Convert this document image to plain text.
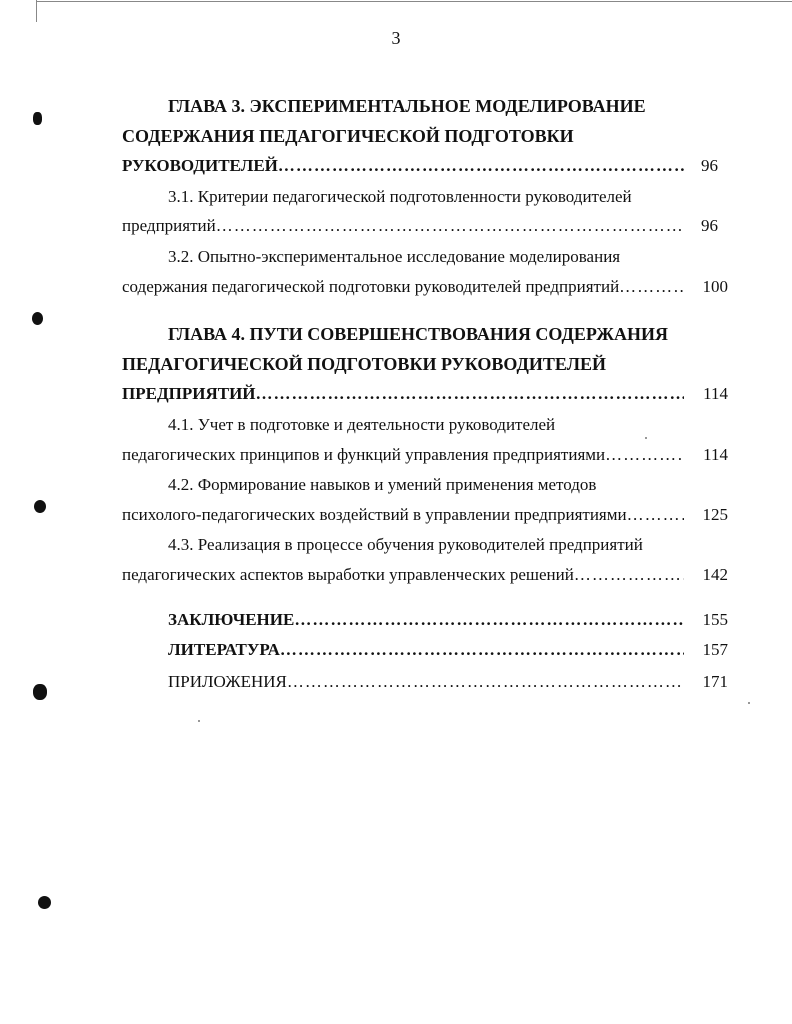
3
ГЛАВА 3. ЭКСПЕРИМЕНТАЛЬНОЕ МОДЕЛИРОВАНИЕ
СОДЕРЖАНИЯ ПЕДАГОГИЧЕСКОЙ ПОДГОТОВКИ
РУКОВОДИТЕЛЕЙ ……………………………………………………………………………………………………………………………………	96
3.1. Критерии педагогической подготовленности руководителей
предприятий ……………………………………………………………………………………………………………………………………	96
3.2. Опытно-экспериментальное исследование моделирования
содержания педагогической подготовки руководителей предприятий ……………………………………………………………………………………………………………………………………	100
ГЛАВА 4. ПУТИ СОВЕРШЕНСТВОВАНИЯ СОДЕРЖАНИЯ
ПЕДАГОГИЧЕСКОЙ ПОДГОТОВКИ РУКОВОДИТЕЛЕЙ
ПРЕДПРИЯТИЙ ……………………………………………………………………………………………………………………………………	114
4.1. Учет в подготовке и деятельности руководителей
педагогических принципов и функций управления предприятиями ……………………………………………………………………………………………………………………………………	114
4.2. Формирование навыков и умений применения методов
психолого-педагогических воздействий в управлении предприятиями ……………………………………………………………………………………………………………………………………	125
4.3. Реализация в процессе обучения руководителей предприятий
педагогических аспектов выработки управленческих решений ……………………………………………………………………………………………………………………………………	142
ЗАКЛЮЧЕНИЕ ……………………………………………………………………………………………………………………………………	155
ЛИТЕРАТУРА ……………………………………………………………………………………………………………………………………	157
ПРИЛОЖЕНИЯ ……………………………………………………………………………………………………………………………………	171
